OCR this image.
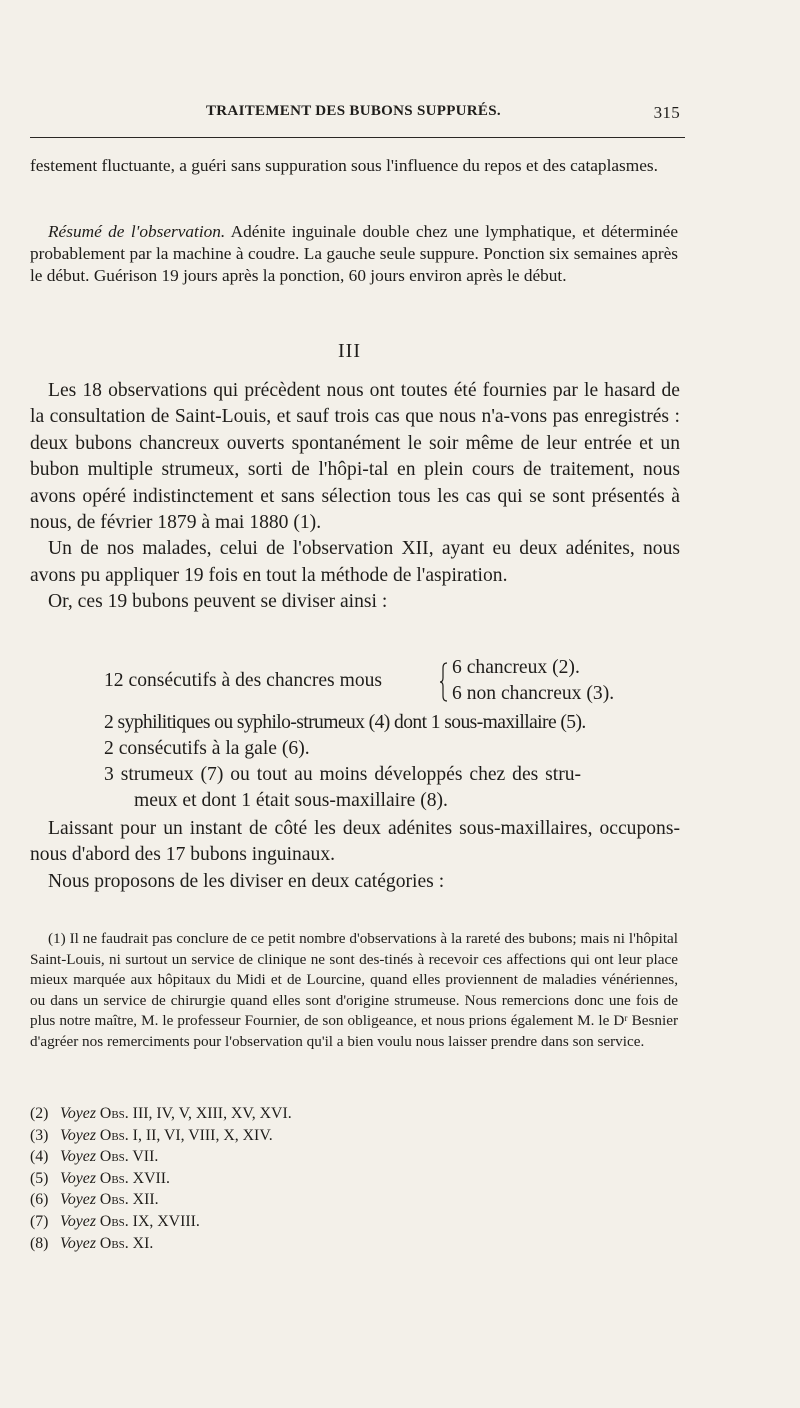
TRAITEMENT DES BUBONS SUPPURÉS.	315

festement fluctuante, a guéri sans suppuration sous l'influence du repos et des cataplasmes.

Résumé de l'observation. Adénite inguinale double chez une lymphatique, et déterminée probablement par la machine à coudre. La gauche seule suppure. Ponction six semaines après le début. Guérison 19 jours après la ponction, 60 jours environ après le début.

III

Les 18 observations qui précèdent nous ont toutes été fournies par le hasard de la consultation de Saint-Louis, et sauf trois cas que nous n'a-vons pas enregistrés : deux bubons chancreux ouverts spontanément le soir même de leur entrée et un bubon multiple strumeux, sorti de l'hôpi-tal en plein cours de traitement, nous avons opéré indistinctement et sans sélection tous les cas qui se sont présentés à nous, de février 1879 à mai 1880 (1).

Un de nos malades, celui de l'observation XII, ayant eu deux adénites, nous avons pu appliquer 19 fois en tout la méthode de l'aspiration.

Or, ces 19 bubons peuvent se diviser ainsi :

12 consécutifs à des chancres mous
6 chancreux (2).
6 non chancreux (3).
2 syphilitiques ou syphilo-strumeux (4) dont 1 sous-maxillaire (5).
2 consécutifs à la gale (6).
3 strumeux (7) ou tout au moins développés chez des stru-
meux et dont 1 était sous-maxillaire (8).

Laissant pour un instant de côté les deux adénites sous-maxillaires, occupons-nous d'abord des 17 bubons inguinaux.

Nous proposons de les diviser en deux catégories :

(1) Il ne faudrait pas conclure de ce petit nombre d'observations à la rareté des bubons; mais ni l'hôpital Saint-Louis, ni surtout un service de clinique ne sont des-tinés à recevoir ces affections qui ont leur place mieux marquée aux hôpitaux du Midi et de Lourcine, quand elles proviennent de maladies vénériennes, ou dans un service de chirurgie quand elles sont d'origine strumeuse. Nous remercions donc une fois de plus notre maître, M. le professeur Fournier, de son obligeance, et nous prions également M. le Dʳ Besnier d'agréer nos remerciments pour l'observation qu'il a bien voulu nous laisser prendre dans son service.

(2) Voyez Obs. III, IV, V, XIII, XV, XVI.
(3) Voyez Obs. I, II, VI, VIII, X, XIV.
(4) Voyez Obs. VII.
(5) Voyez Obs. XVII.
(6) Voyez Obs. XII.
(7) Voyez Obs. IX, XVIII.
(8) Voyez Obs. XI.
